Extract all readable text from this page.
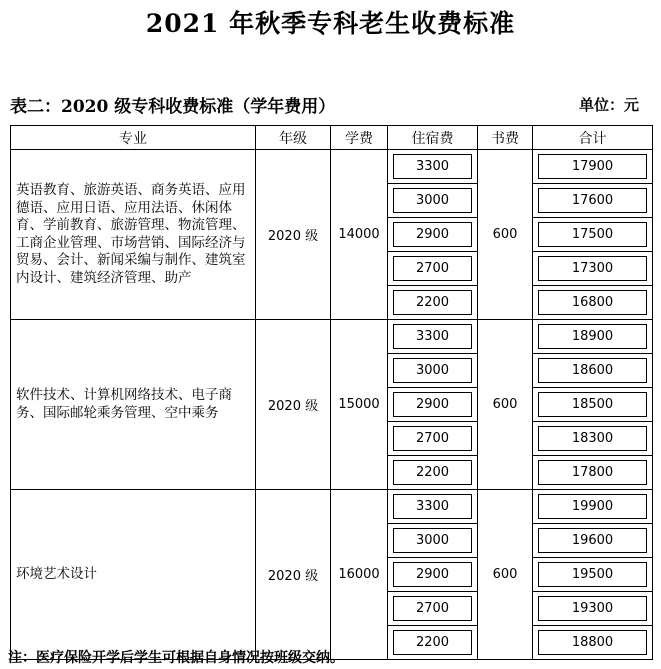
2021 年秋季专科老生收费标准
表二：2020 级专科收费标准（学年费用）	单位：元
专业	年级	学费	住宿费	书费	合计
英语教育、旅游英语、商务英语、应用德语、应用日语、应用法语、休闲体育、学前教育、旅游管理、物流管理、工商企业管理、市场营销、国际经济与贸易、会计、新闻采编与制作、建筑室内设计、建筑经济管理、助产	2020 级	14000	3300	600	17900

			3000		17600

			2900		17500

			2700		17300

			2200		16800

软件技术、计算机网络技术、电子商务、国际邮轮乘务管理、空中乘务	2020 级	15000	3300	600	18900

			3000		18600

			2900		18500

			2700		18300

			2200		17800

环境艺术设计	2020 级	16000	3300	600	19900

			3000		19600

			2900		19500

			2700		19300

			2200		18800
注：医疗保险开学后学生可根据自身情况按班级交纳。
